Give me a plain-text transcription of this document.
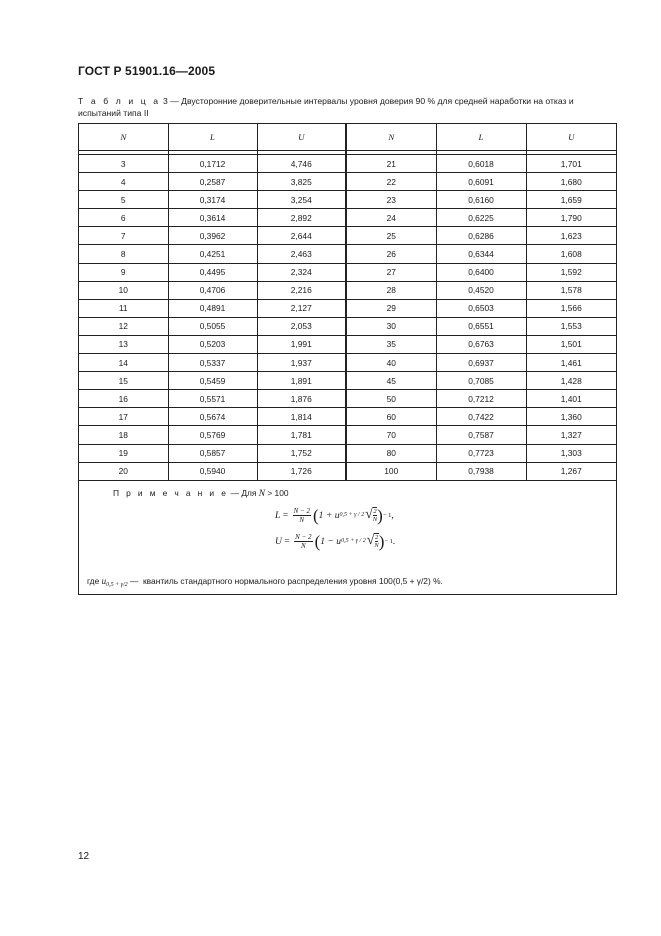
ГОСТ Р 51901.16—2005
Т а б л и ц а 3 — Двусторонние доверительные интервалы уровня доверия 90 % для средней наработки на отказ и испытаний типа II
N	L	U	N	L	U

3	0,1712	4,746	21	0,6018	1,701
4	0,2587	3,825	22	0,6091	1,680
5	0,3174	3,254	23	0,6160	1,659
6	0,3614	2,892	24	0,6225	1,790
7	0,3962	2,644	25	0,6286	1,623
8	0,4251	2,463	26	0,6344	1,608
9	0,4495	2,324	27	0,6400	1,592
10	0,4706	2,216	28	0,4520	1,578
11	0,4891	2,127	29	0,6503	1,566
12	0,5055	2,053	30	0,6551	1,553
13	0,5203	1,991	35	0,6763	1,501
14	0,5337	1,937	40	0,6937	1,461
15	0,5459	1,891	45	0,7085	1,428
16	0,5571	1,876	50	0,7212	1,401
17	0,5674	1,814	60	0,7422	1,360
18	0,5769	1,781	70	0,7587	1,327
19	0,5857	1,752	80	0,7723	1,303
20	0,5940	1,726	100	0,7938	1,267
П р и м е ч а н и е — Для N > 100
$L = \frac{N - 2}{N}$ ( 1 + u 0,5 + γ / 2 √ $\frac{2}{N}$ ) − 1 ,
$U = \frac{N - 2}{N}$ ( 1 − u 0,5 + γ / 2 √ $\frac{2}{N}$ ) − 1 .
где $u_{0,5 + \gamma/2}$ —  квантиль стандартного нормального распределения уровня 100(0,5 + γ/2) %.
12
